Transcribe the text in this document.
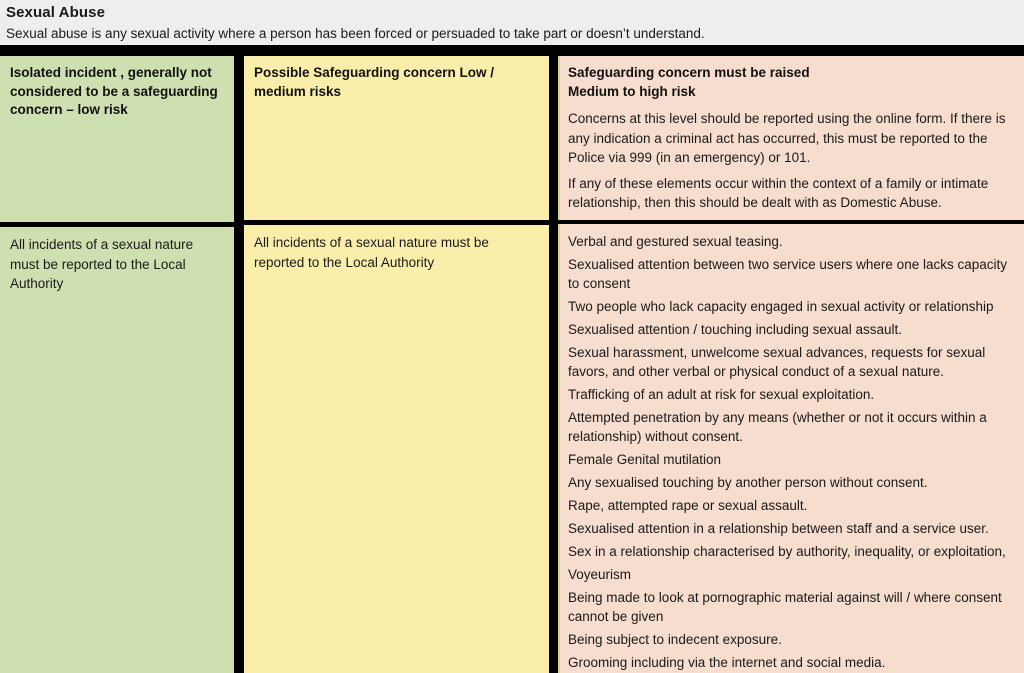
Sexual Abuse

Sexual abuse is any sexual activity where a person has been forced or persuaded to take part or doesn’t understand.

Isolated incident , generally not considered to be a safeguarding concern – low risk

All incidents of a sexual nature must be reported to the Local Authority

Possible Safeguarding concern Low / medium risks

All incidents of a sexual nature must be reported to the Local Authority

Safeguarding concern must be raised

Medium to high risk

Concerns at this level should be reported using the online form. If there is any indication a criminal act has occurred, this must be reported to the Police via 999 (in an emergency) or 101.

If any of these elements occur within the context of a family or intimate relationship, then this should be dealt with as Domestic Abuse.

Verbal and gestured sexual teasing.
Sexualised attention between two service users where one lacks capacity to consent
Two people who lack capacity engaged in sexual activity or relationship
Sexualised attention / touching including sexual assault.
Sexual harassment, unwelcome sexual advances, requests for sexual favors, and other verbal or physical conduct of a sexual nature.
Trafficking of an adult at risk for sexual exploitation.
Attempted penetration by any means (whether or not it occurs within a relationship) without consent.
Female Genital mutilation
Any sexualised touching by another person without consent.
Rape, attempted rape or sexual assault.
Sexualised attention in a relationship between staff and a service user.
Sex in a relationship characterised by authority, inequality, or exploitation,
Voyeurism
Being made to look at pornographic material against will / where consent cannot be given
Being subject to indecent exposure.
Grooming including via the internet and social media.
